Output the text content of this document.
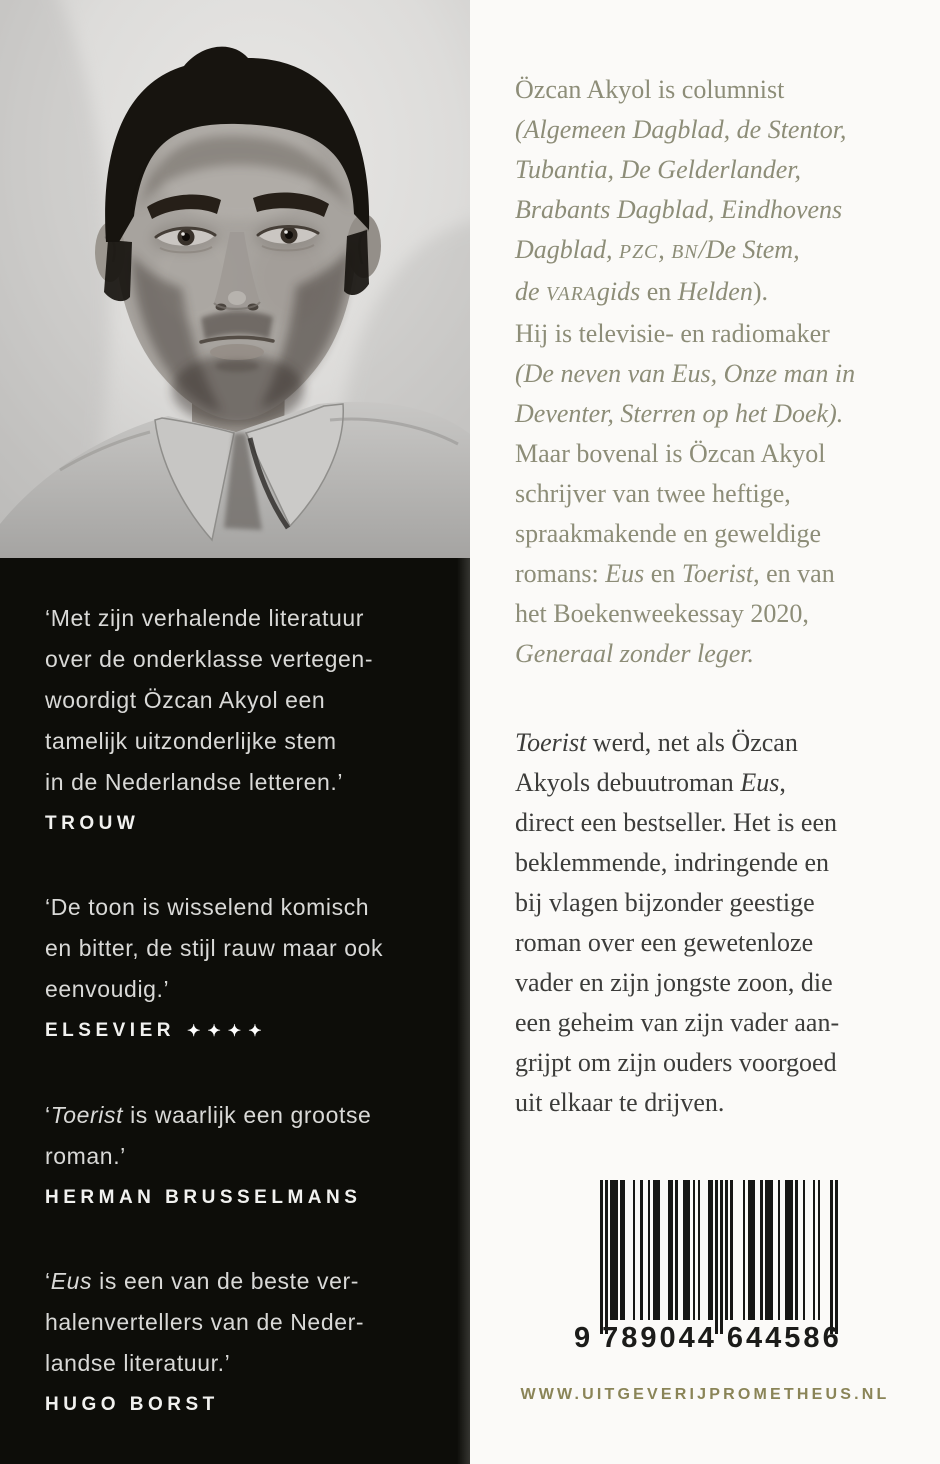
‘Met zijn verhalende literatuur
over de onderklasse vertegen-
woordigt Özcan Akyol een
tamelijk uitzonderlijke stem
in de Nederlandse letteren.’
TROUW
‘De toon is wisselend komisch
en bitter, de stijl rauw maar ook
eenvoudig.’
ELSEVIER ✦✦✦✦
‘Toerist is waarlijk een grootse
roman.’
HERMAN BRUSSELMANS
‘Eus is een van de beste ver-
halenvertellers van de Neder-
landse literatuur.’
HUGO BORST
Özcan Akyol is columnist
(Algemeen Dagblad, de Stentor,
Tubantia, De Gelderlander,
Brabants Dagblad, Eindhovens
Dagblad, PZC, BN/De Stem,
de VARAgids en Helden).
Hij is televisie- en radiomaker
(De neven van Eus, Onze man in
Deventer, Sterren op het Doek).
Maar bovenal is Özcan Akyol
schrijver van twee heftige,
spraakmakende en geweldige
romans: Eus en Toerist, en van
het Boekenweekessay 2020,
Generaal zonder leger.
Toerist werd, net als Özcan
Akyols debuutroman Eus,
direct een bestseller. Het is een
beklemmende, indringende en
bij vlagen bijzonder geestige
roman over een gewetenloze
vader en zijn jongste zoon, die
een geheim van zijn vader aan-
grijpt om zijn ouders voorgoed
uit elkaar te drijven.
9 789044 644586
WWW.UITGEVERIJPROMETHEUS.NL
